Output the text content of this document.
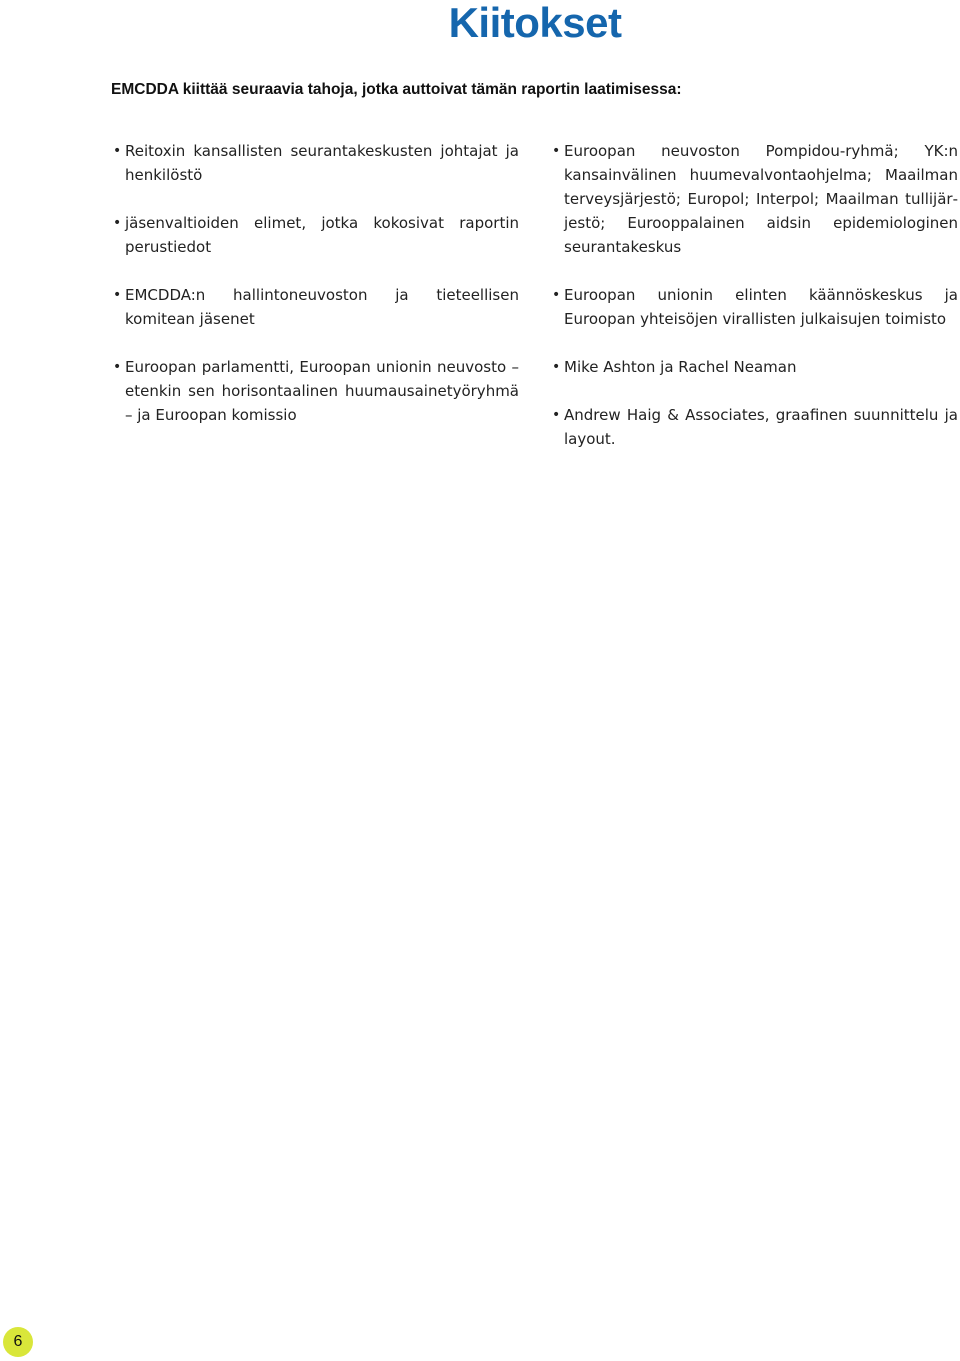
Kiitokset

EMCDDA kiittää seuraavia tahoja, jotka auttoivat tämän raportin laatimisessa:

• Reitoxin kansallisten seurantakeskusten johtajat ja henkilöstö
• jäsenvaltioiden elimet, jotka kokosivat raportin perustiedot
• EMCDDA:n hallintoneuvoston ja tieteellisen komitean jäsenet
• Euroopan parlamentti, Euroopan unionin neuvosto – etenkin sen horisontaalinen huumausainetyöryhmä – ja Euroopan komissio
• Euroopan neuvoston Pompidou-ryhmä; YK:n kansainvälinen huumevalvontaohjelma; Maailman terveysjärjestö; Europol; Interpol; Maailman tullijärjestö; Eurooppalainen aidsin epidemiologinen seurantakeskus
• Euroopan unionin elinten käännöskeskus ja Euroopan yhteisöjen virallisten julkaisujen toimisto
• Mike Ashton ja Rachel Neaman
• Andrew Haig & Associates, graafinen suunnittelu ja layout.
6
